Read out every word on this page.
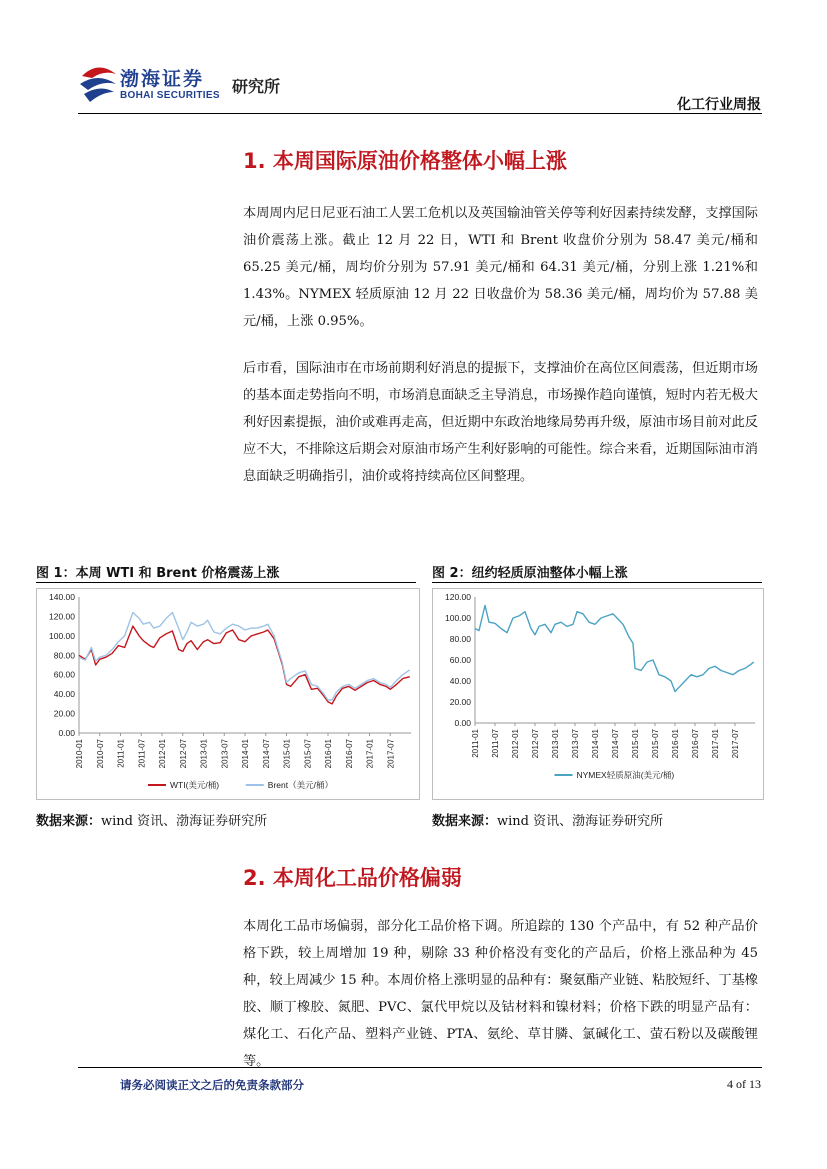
渤海证券
BOHAI SECURITIES 研究所
化工行业周报
1. 本周国际原油价格整体小幅上涨

本周周内尼日尼亚石油工人罢工危机以及英国输油管关停等利好因素持续发酵，支撑国际油价震荡上涨。截止 12 月 22 日，WTI 和 Brent 收盘价分别为 58.47 美元/桶和 65.25 美元/桶，周均价分别为 57.91 美元/桶和 64.31 美元/桶，分别上涨 1.21%和 1.43%。NYMEX 轻质原油 12 月 22 日收盘价为 58.36 美元/桶，周均价为 57.88 美元/桶，上涨 0.95%。

后市看，国际油市在市场前期利好消息的提振下，支撑油价在高位区间震荡，但近期市场的基本面走势指向不明，市场消息面缺乏主导消息，市场操作趋向谨慎，短时内若无极大利好因素提振，油价或难再走高，但近期中东政治地缘局势再升级，原油市场目前对此反应不大，不排除这后期会对原油市场产生利好影响的可能性。综合来看，近期国际油市消息面缺乏明确指引，油价或将持续高位区间整理。

图 1：本周 WTI 和 Brent 价格震荡上涨
140.00
120.00
100.00
80.00
60.00
40.00
20.00
0.00
2010-01 2010-07 2011-01 2011-07 2012-01 2012-07 2013-01 2013-07 2014-01 2014-07 2015-01 2015-07 2016-01 2016-07 2017-01 2017-07
WTI(美元/桶)	Brent（美元/桶）
数据来源：wind 资讯、渤海证券研究所
图 2：纽约轻质原油整体小幅上涨
120.00
100.00
80.00
60.00
40.00
20.00
0.00
2011-01 2011-07 2012-01 2012-07 2013-01 2013-07 2014-01 2014-07 2015-01 2015-07 2016-01 2016-07 2017-01 2017-07
NYMEX轻质原油(美元/桶)
数据来源：wind 资讯、渤海证券研究所
2. 本周化工品价格偏弱

本周化工品市场偏弱，部分化工品价格下调。所追踪的 130 个产品中，有 52 种产品价格下跌，较上周增加 19 种，剔除 33 种价格没有变化的产品后，价格上涨品种为 45 种，较上周减少 15 种。本周价格上涨明显的品种有：聚氨酯产业链、粘胶短纤、丁基橡胶、顺丁橡胶、氮肥、PVC、氯代甲烷以及钴材料和镍材料；价格下跌的明显产品有：煤化工、石化产品、塑料产业链、PTA、氨纶、草甘膦、氯碱化工、萤石粉以及碳酸锂等。

请务必阅读正文之后的免责条款部分	4 of 13
